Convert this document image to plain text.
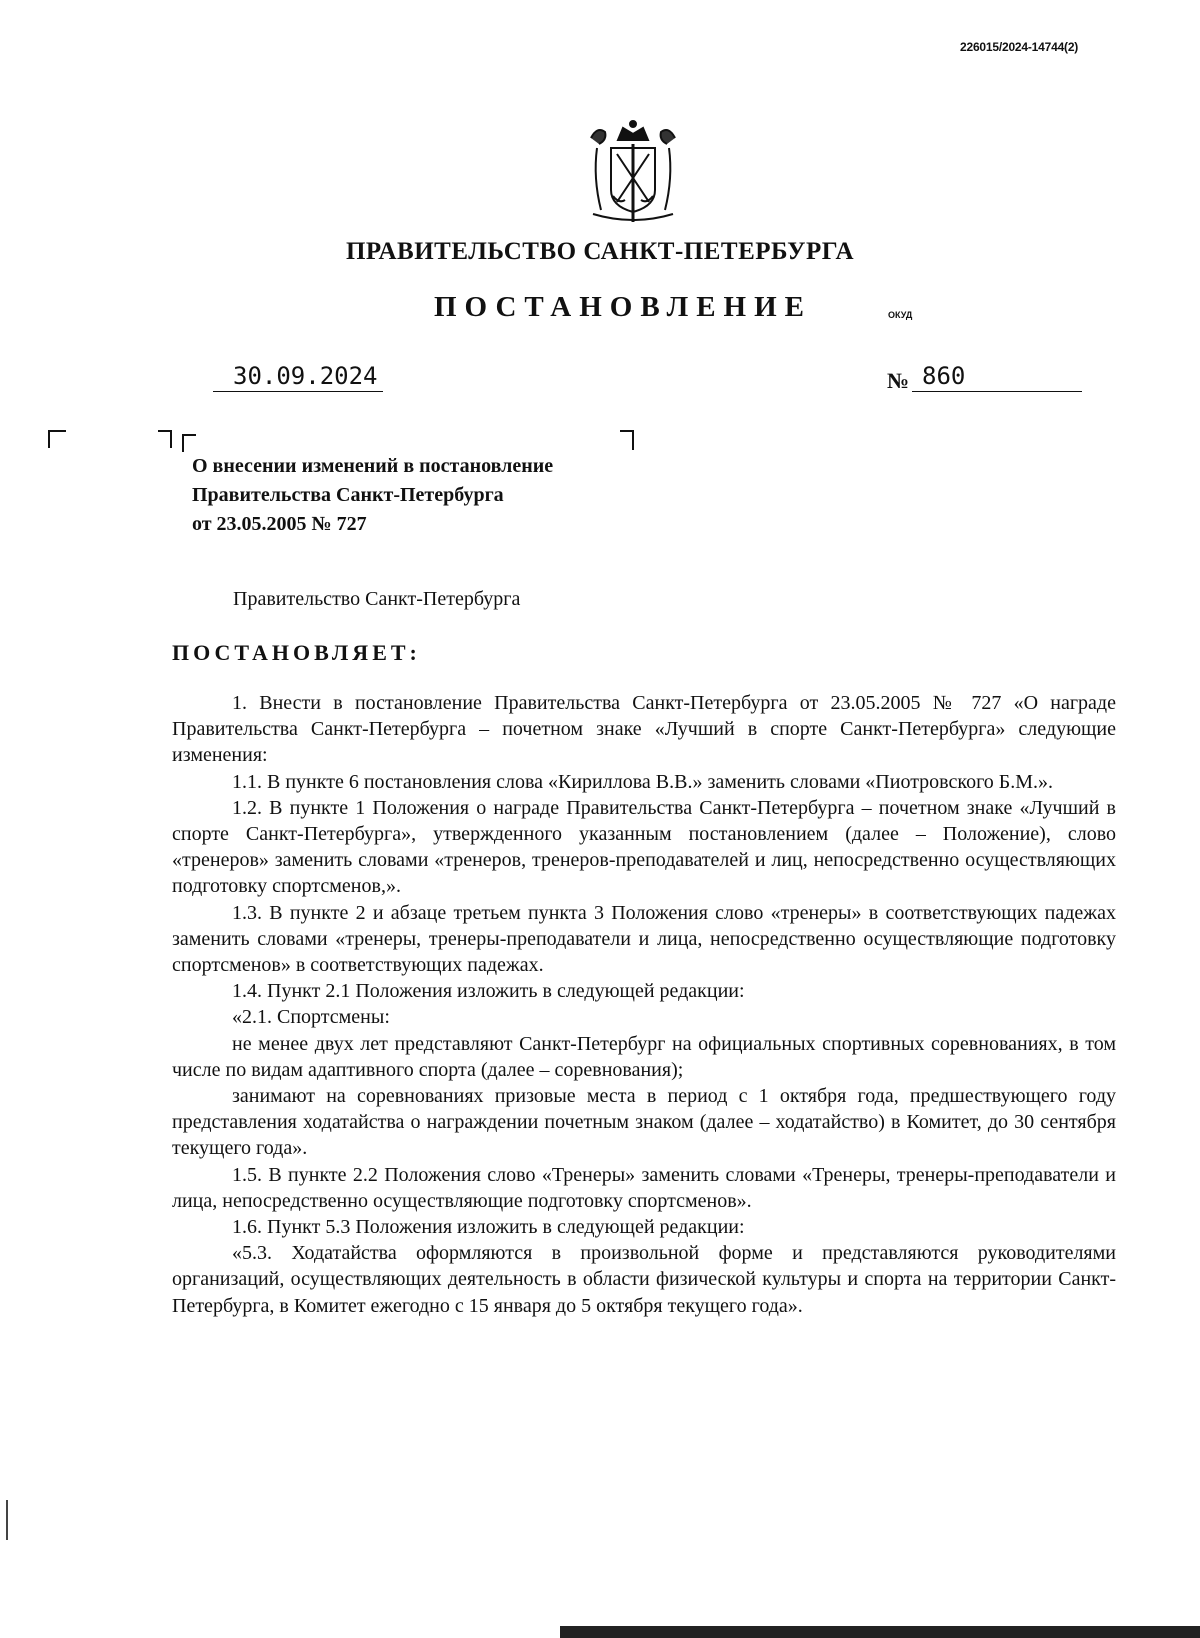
226015/2024-14744(2)
ПРАВИТЕЛЬСТВО САНКТ-ПЕТЕРБУРГА
ПОСТАНОВЛЕНИЕ	ОКУД
30.09.2024	№ 860
О внесении изменений в постановление
Правительства Санкт-Петербурга
от 23.05.2005 № 727
Правительство Санкт-Петербурга
ПОСТАНОВЛЯЕТ:

1. Внести в постановление Правительства Санкт-Петербурга от 23.05.2005 № 727 «О награде Правительства Санкт-Петербурга – почетном знаке «Лучший в спорте Санкт-Петербурга» следующие изменения:

1.1. В пункте 6 постановления слова «Кириллова В.В.» заменить словами «Пиотровского Б.М.».

1.2. В пункте 1 Положения о награде Правительства Санкт-Петербурга – почетном знаке «Лучший в спорте Санкт-Петербурга», утвержденного указанным постановлением (далее – Положение), слово «тренеров» заменить словами «тренеров, тренеров-преподавателей и лиц, непосредственно осуществляющих подготовку спортсменов,».

1.3. В пункте 2 и абзаце третьем пункта 3 Положения слово «тренеры» в соответствующих падежах заменить словами «тренеры, тренеры-преподаватели и лица, непосредственно осуществляющие подготовку спортсменов» в соответствующих падежах.

1.4. Пункт 2.1 Положения изложить в следующей редакции:

«2.1. Спортсмены:

не менее двух лет представляют Санкт-Петербург на официальных спортивных соревнованиях, в том числе по видам адаптивного спорта (далее – соревнования);

занимают на соревнованиях призовые места в период с 1 октября года, предшествующего году представления ходатайства о награждении почетным знаком (далее – ходатайство) в Комитет, до 30 сентября текущего года».

1.5. В пункте 2.2 Положения слово «Тренеры» заменить словами «Тренеры, тренеры-преподаватели и лица, непосредственно осуществляющие подготовку спортсменов».

1.6. Пункт 5.3 Положения изложить в следующей редакции:

«5.3. Ходатайства оформляются в произвольной форме и представляются руководителями организаций, осуществляющих деятельность в области физической культуры и спорта на территории Санкт-Петербурга, в Комитет ежегодно с 15 января до 5 октября текущего года».
